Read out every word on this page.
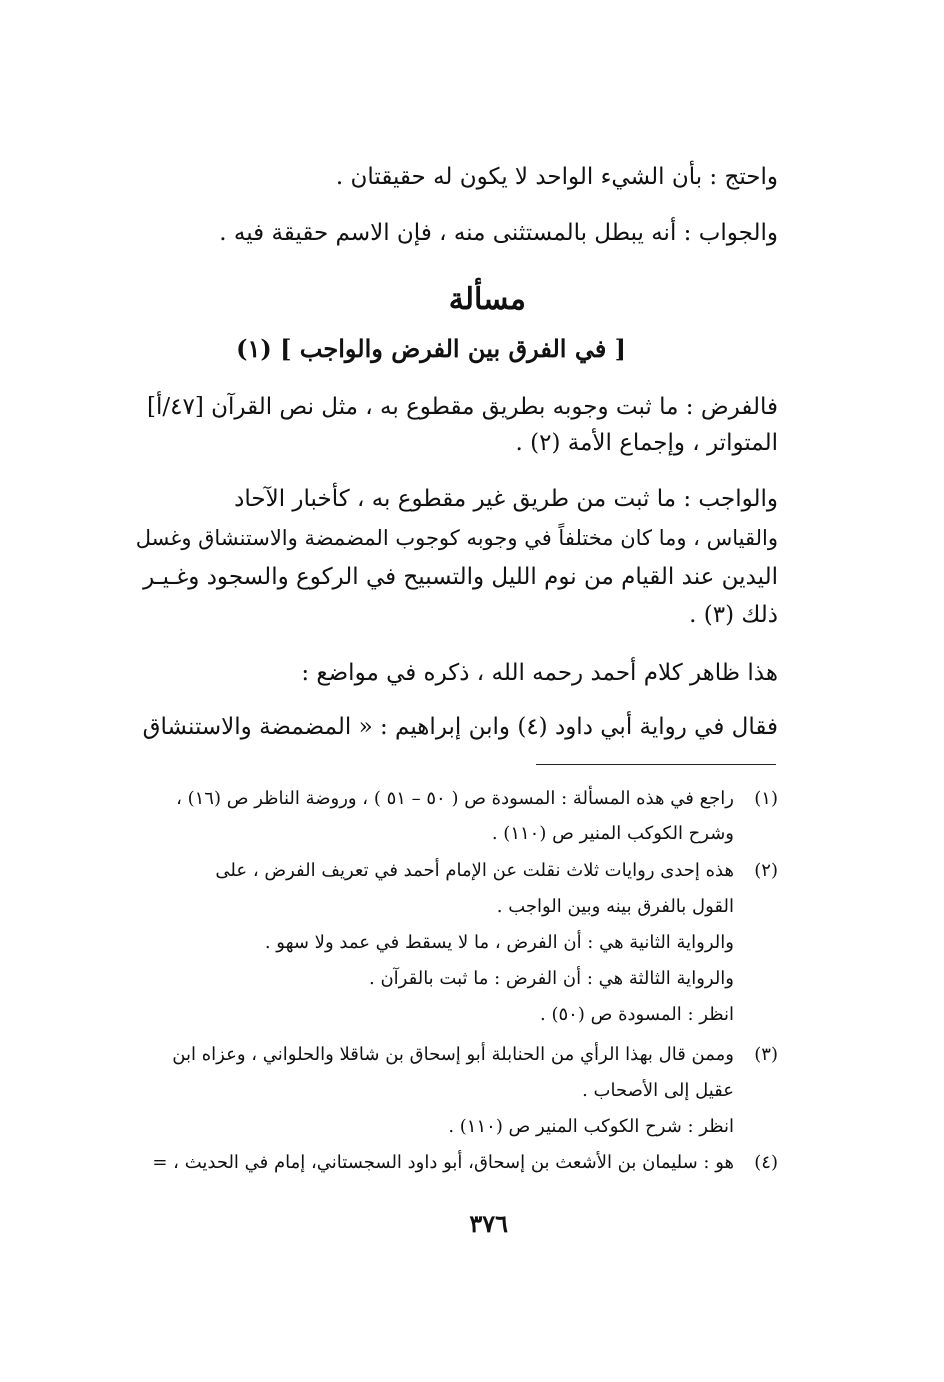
واحتج : بأن الشيء الواحد لا يكون له حقيقتان .
والجواب : أنه يبطل بالمستثنى منه ، فإن الاسم حقيقة فيه .
مسألة
[ في الفرق بين الفرض والواجب ] (١)
فالفرض : ما ثبت وجوبه بطريق مقطوع به ، مثل نص القرآن [٤٧/أ]
المتواتر ، وإجماع الأمة (٢) .
والواجب : ما ثبت من طريق غير مقطوع به ، كأخبار الآحاد
والقياس ، وما كان مختلفاً في وجوبه كوجوب المضمضة والاستنشاق وغسل
اليدين عند القيام من نوم الليل والتسبيح في الركوع والسجود وغـيـر
ذلك (٣) .
هذا ظاهر كلام أحمد رحمه الله ، ذكره في مواضع :
فقال في رواية أبي داود (٤) وابن إبراهيم : « المضمضة والاستنشاق
(١)
راجع في هذه المسألة : المسودة ص ( ٥٠ – ٥١ ) ، وروضة الناظر ص (١٦) ،
وشرح الكوكب المنير ص (١١٠) .
(٢)
هذه إحدى روايات ثلاث نقلت عن الإمام أحمد في تعريف الفرض ، على
القول بالفرق بينه وبين الواجب .
والرواية الثانية هي : أن الفرض ، ما لا يسقط في عمد ولا سهو .
والرواية الثالثة هي : أن الفرض : ما ثبت بالقرآن .
انظر : المسودة ص (٥٠) .
(٣)
وممن قال بهذا الرأي من الحنابلة أبو إسحاق بن شاقلا والحلواني ، وعزاه ابن
عقيل إلى الأصحاب .
انظر : شرح الكوكب المنير ص (١١٠) .
(٤)
هو : سليمان بن الأشعث بن إسحاق، أبو داود السجستاني، إمام في الحديث ، =
٣٧٦
